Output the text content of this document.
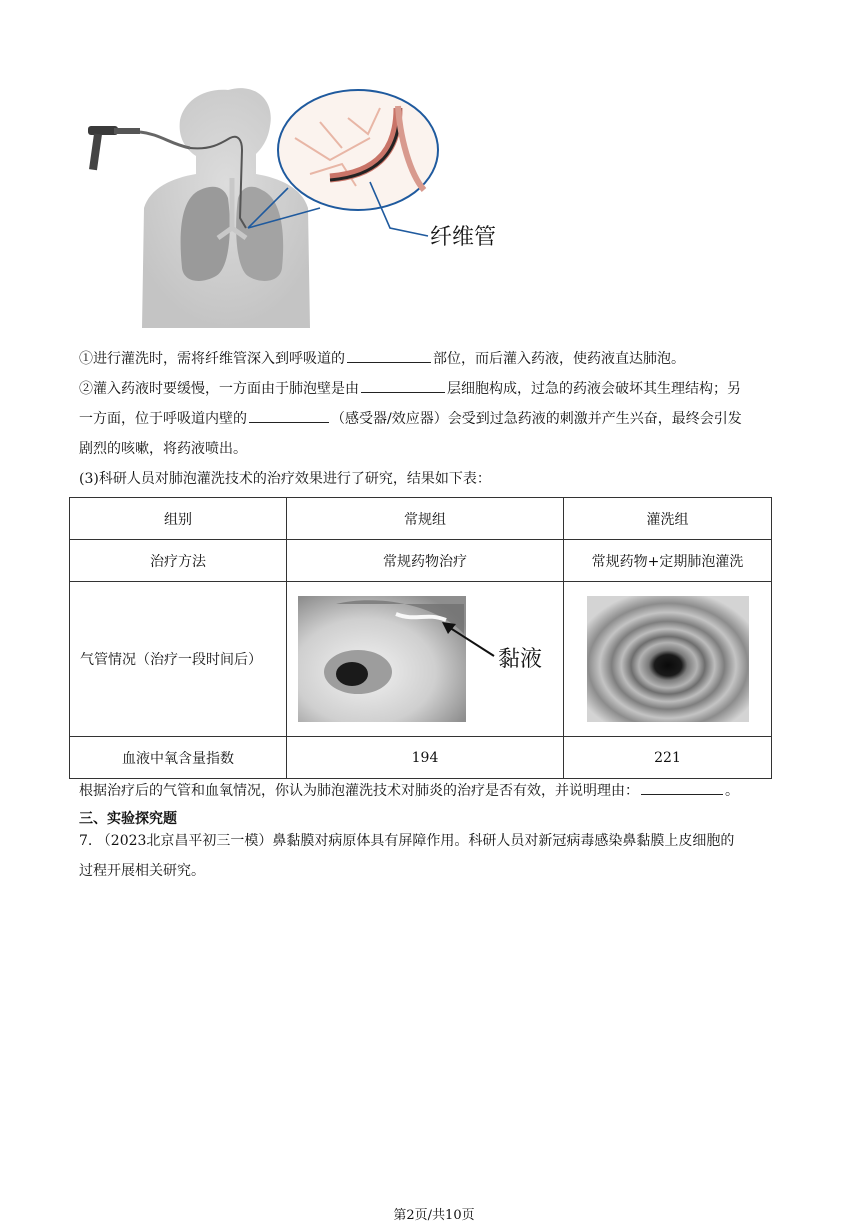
纤维管

①进行灌洗时，需将纤维管深入到呼吸道的	部位，而后灌入药液，使药液直达肺泡。

②灌入药液时要缓慢，一方面由于肺泡壁是由	层细胞构成，过急的药液会破坏其生理结构；另

一方面，位于呼吸道内壁的	（感受器/效应器）会受到过急药液的刺激并产生兴奋，最终会引发

剧烈的咳嗽，将药液喷出。

(3)科研人员对肺泡灌洗技术的治疗效果进行了研究，结果如下表：

组别	常规组	灌洗组
治疗方法	常规药物治疗	常规药物+定期肺泡灌洗
气管情况（治疗一段时间后）	黏液

血液中氧含量指数	194	221

根据治疗后的气管和血氧情况，你认为肺泡灌洗技术对肺炎的治疗是否有效，并说明理由：	。

三、实验探究题

7. （2023北京昌平初三一模）鼻黏膜对病原体具有屏障作用。科研人员对新冠病毒感染鼻黏膜上皮细胞的

过程开展相关研究。

第2页/共10页
